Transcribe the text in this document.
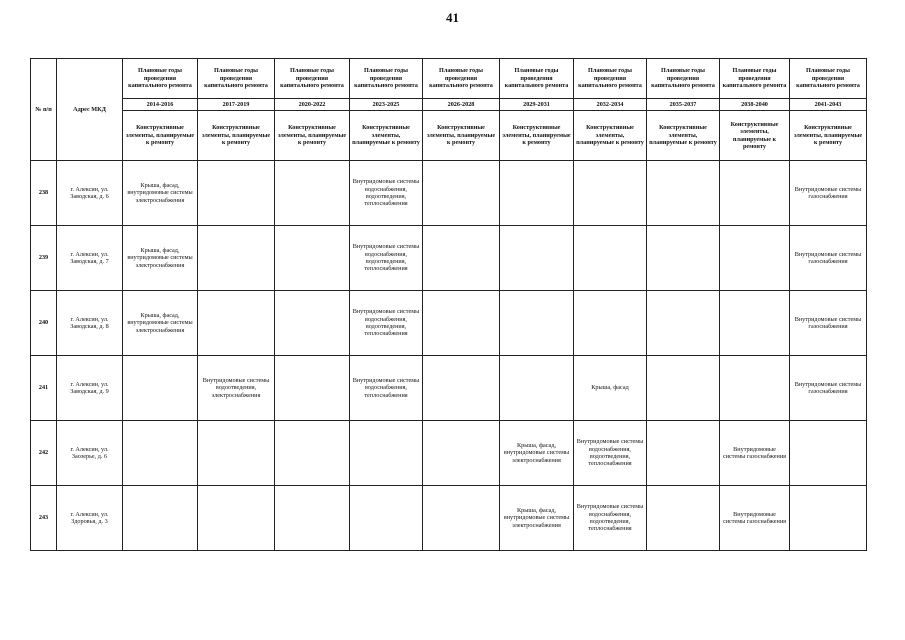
41
№ п/п	Адрес МКД	Плановые годы проведения капитального ремонта	Плановые годы проведения капитального ремонта	Плановые годы проведения капитального ремонта	Плановые годы проведения капитального ремонта	Плановые годы проведения капитального ремонта	Плановые годы проведения капитального ремонта	Плановые годы проведения капитального ремонта	Плановые годы проведения капитального ремонта	Плановые годы проведения капитального ремонта	Плановые годы проведения капитального ремонта
		2014-2016	2017-2019	2020-2022	2023-2025	2026-2028	2029-2031	2032-2034	2035-2037	2038-2040	2041-2043
		Конструктивные элементы, планируемые к ремонту	Конструктивные элементы, планируемые к ремонту	Конструктивные элементы, планируемые к ремонту	Конструктивные элементы, планируемые к ремонту	Конструктивные элементы, планируемые к ремонту	Конструктивные элементы, планируемые к ремонту	Конструктивные элементы, планируемые к ремонту	Конструктивные элементы, планируемые к ремонту	Конструктивные элементы, планируемые к ремонту	Конструктивные элементы, планируемые к ремонту
238	г. Алексин, ул. Заводская, д. 6	Крыша, фасад, внутридомовые системы электроснабжения			Внутридомовые системы водоснабжения, водоотведения, теплоснабжения						Внутридомовые системы газоснабжения
239	г. Алексин, ул. Заводская, д. 7	Крыша, фасад, внутридомовые системы электроснабжения			Внутридомовые системы водоснабжения, водоотведения, теплоснабжения						Внутридомовые системы газоснабжения
240	г. Алексин, ул. Заводская, д. 8	Крыша, фасад, внутридомовые системы электроснабжения			Внутридомовые системы водоснабжения, водоотведения, теплоснабжения						Внутридомовые системы газоснабжения
241	г. Алексин, ул. Заводская, д. 9		Внутридомовые системы водоотведения, электроснабжения		Внутридомовые системы водоснабжения, теплоснабжения			Крыша, фасад			Внутридомовые системы газоснабжения
242	г. Алексин, ул. Заозерье, д. 6						Крыша, фасад, внутридомовые системы электроснабжения	Внутридомовые системы водоснабжения, водоотведения, теплоснабжения		Внутридомовые системы газоснабжения	
243	г. Алексин, ул. Здоровья, д. 3						Крыша, фасад, внутридомовые системы электроснабжения	Внутридомовые системы водоснабжения, водоотведения, теплоснабжения		Внутридомовые системы газоснабжения	
